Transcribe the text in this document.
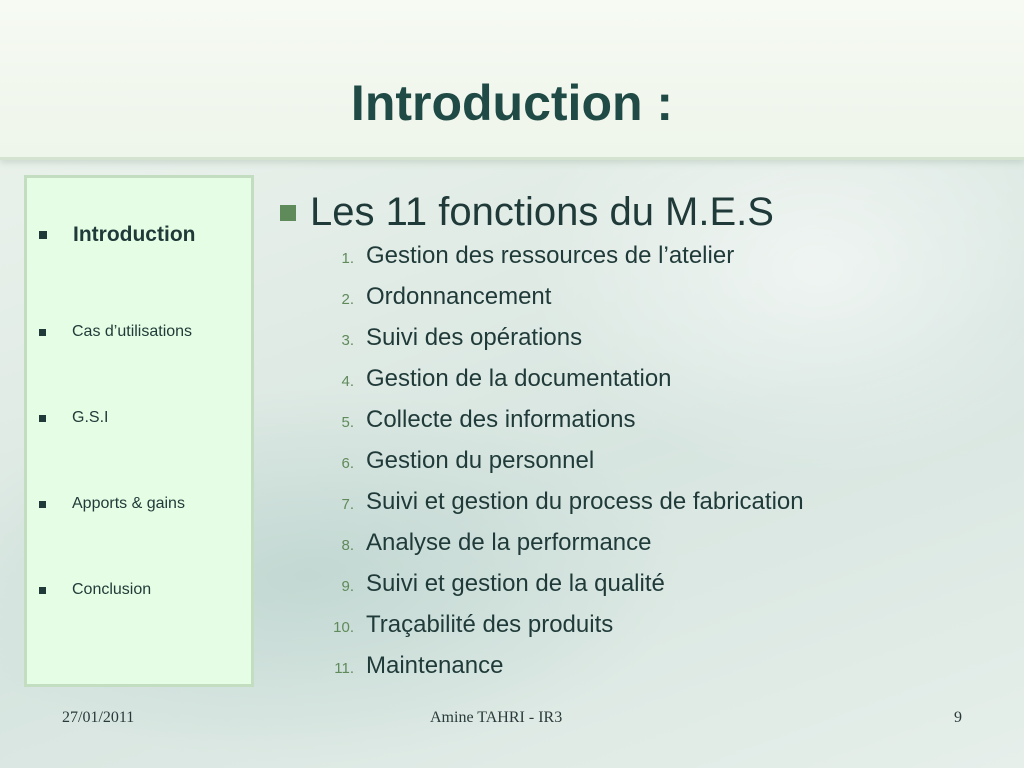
Introduction :
Introduction
Cas d’utilisations
G.S.I
Apports & gains
Conclusion
Les 11 fonctions du M.E.S
1. Gestion des ressources de l’atelier
2. Ordonnancement
3. Suivi des opérations
4. Gestion de la documentation
5. Collecte des informations
6. Gestion du personnel
7. Suivi et gestion du process de fabrication
8. Analyse de la performance
9. Suivi et gestion de la qualité
10. Traçabilité des produits
11. Maintenance
27/01/2011	Amine TAHRI - IR3	9
